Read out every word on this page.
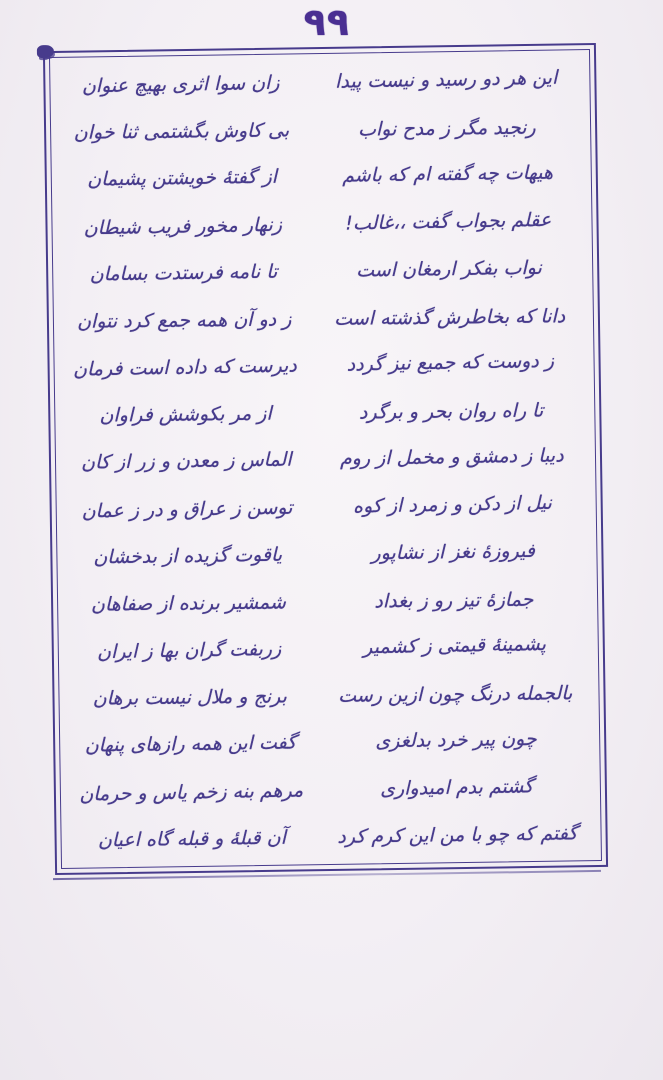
٩٩
این هر دو رسید و نیست پیدا
زان سوا اثری بهیچ عنوان
رنجید مگر ز مدح نواب
بی کاوش بگشتمی ثنا خوان
هیهات چه گفته ام که باشم
از گفتهٔ خویشتن پشیمان
عقلم بجواب گفت ،،غالب!
زنهار مخور فریب شیطان
نواب بفکر ارمغان است
تا نامه فرستدت بسامان
دانا که بخاطرش گذشته است
ز دو آن همه جمع کرد نتوان
ز دوست که جمیع نیز گردد
دیرست که داده است فرمان
تا راه روان بحر و برگرد
از مر بکوشش فراوان
دیبا ز دمشق و مخمل از روم
الماس ز معدن و زر از کان
نیل از دکن و زمرد از کوه
توسن ز عراق و در ز عمان
فیروزهٔ نغز از نشاپور
یاقوت گزیده از بدخشان
جمازهٔ تیز رو ز بغداد
شمشیر برنده از صفاهان
پشمینهٔ قیمتی ز کشمیر
زربفت گران بها ز ایران
بالجمله درنگ چون ازین رست
برنج و ملال نیست برهان
چون پیر خرد بدلغزی
گفت این همه رازهای پنهان
گشتم بدم امیدواری
مرهم بنه زخم یاس و حرمان
گفتم که چو با من این کرم کرد
آن قبلهٔ و قبله گاه اعیان
